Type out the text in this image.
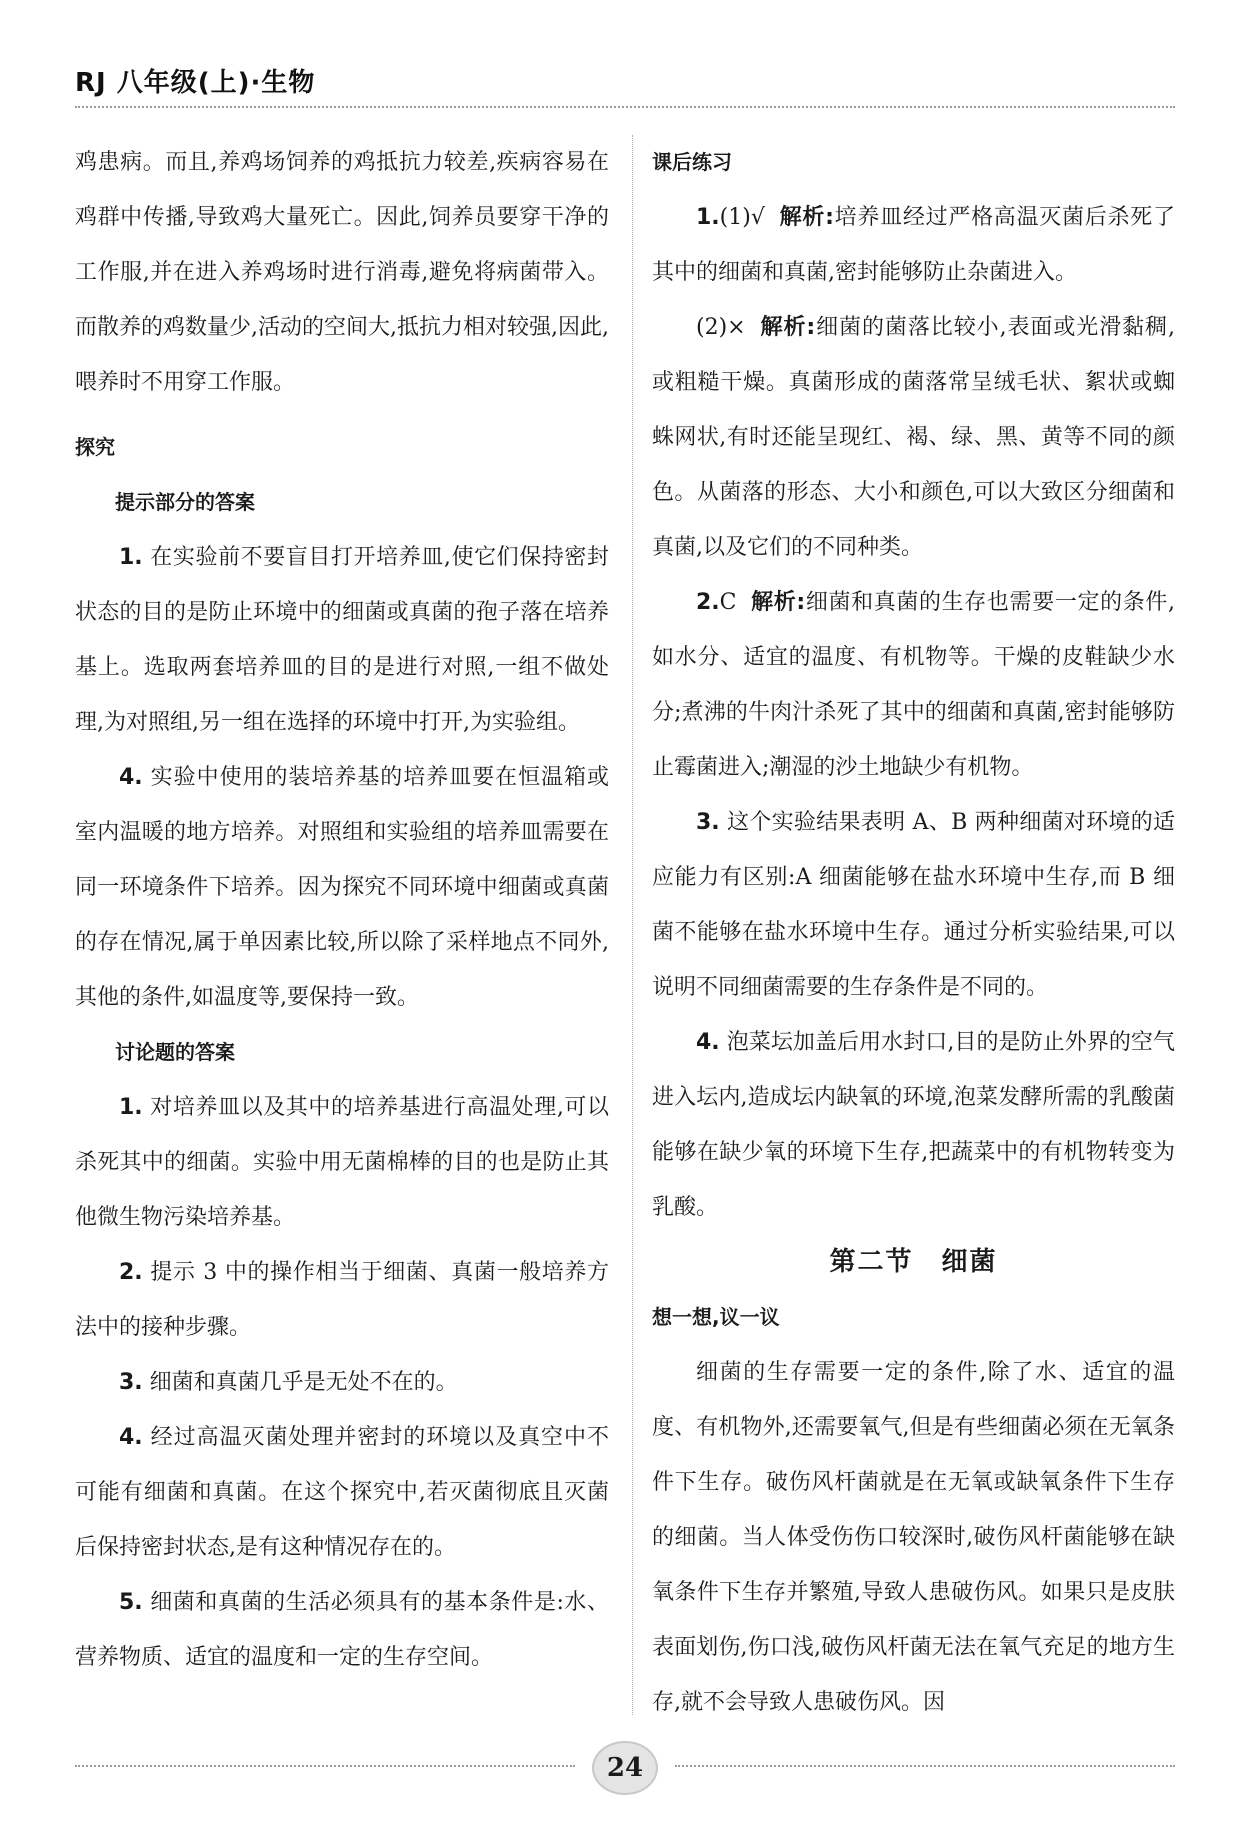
RJ 八年级(上)·生物

鸡患病。而且,养鸡场饲养的鸡抵抗力较差,疾病容易在鸡群中传播,导致鸡大量死亡。因此,饲养员要穿干净的工作服,并在进入养鸡场时进行消毒,避免将病菌带入。而散养的鸡数量少,活动的空间大,抵抗力相对较强,因此,喂养时不用穿工作服。

探究

提示部分的答案

1. 在实验前不要盲目打开培养皿,使它们保持密封状态的目的是防止环境中的细菌或真菌的孢子落在培养基上。选取两套培养皿的目的是进行对照,一组不做处理,为对照组,另一组在选择的环境中打开,为实验组。

4. 实验中使用的装培养基的培养皿要在恒温箱或室内温暖的地方培养。对照组和实验组的培养皿需要在同一环境条件下培养。因为探究不同环境中细菌或真菌的存在情况,属于单因素比较,所以除了采样地点不同外,其他的条件,如温度等,要保持一致。

讨论题的答案

1. 对培养皿以及其中的培养基进行高温处理,可以杀死其中的细菌。实验中用无菌棉棒的目的也是防止其他微生物污染培养基。

2. 提示 3 中的操作相当于细菌、真菌一般培养方法中的接种步骤。

3. 细菌和真菌几乎是无处不在的。

4. 经过高温灭菌处理并密封的环境以及真空中不可能有细菌和真菌。在这个探究中,若灭菌彻底且灭菌后保持密封状态,是有这种情况存在的。

5. 细菌和真菌的生活必须具有的基本条件是:水、营养物质、适宜的温度和一定的生存空间。

课后练习

1.(1)√ 解析:培养皿经过严格高温灭菌后杀死了其中的细菌和真菌,密封能够防止杂菌进入。

(2)× 解析:细菌的菌落比较小,表面或光滑黏稠,或粗糙干燥。真菌形成的菌落常呈绒毛状、絮状或蜘蛛网状,有时还能呈现红、褐、绿、黑、黄等不同的颜色。从菌落的形态、大小和颜色,可以大致区分细菌和真菌,以及它们的不同种类。

2.C 解析:细菌和真菌的生存也需要一定的条件,如水分、适宜的温度、有机物等。干燥的皮鞋缺少水分;煮沸的牛肉汁杀死了其中的细菌和真菌,密封能够防止霉菌进入;潮湿的沙土地缺少有机物。

3. 这个实验结果表明 A、B 两种细菌对环境的适应能力有区别:A 细菌能够在盐水环境中生存,而 B 细菌不能够在盐水环境中生存。通过分析实验结果,可以说明不同细菌需要的生存条件是不同的。

4. 泡菜坛加盖后用水封口,目的是防止外界的空气进入坛内,造成坛内缺氧的环境,泡菜发酵所需的乳酸菌能够在缺少氧的环境下生存,把蔬菜中的有机物转变为乳酸。

第二节　细菌

想一想,议一议

细菌的生存需要一定的条件,除了水、适宜的温度、有机物外,还需要氧气,但是有些细菌必须在无氧条件下生存。破伤风杆菌就是在无氧或缺氧条件下生存的细菌。当人体受伤伤口较深时,破伤风杆菌能够在缺氧条件下生存并繁殖,导致人患破伤风。如果只是皮肤表面划伤,伤口浅,破伤风杆菌无法在氧气充足的地方生存,就不会导致人患破伤风。因

24
